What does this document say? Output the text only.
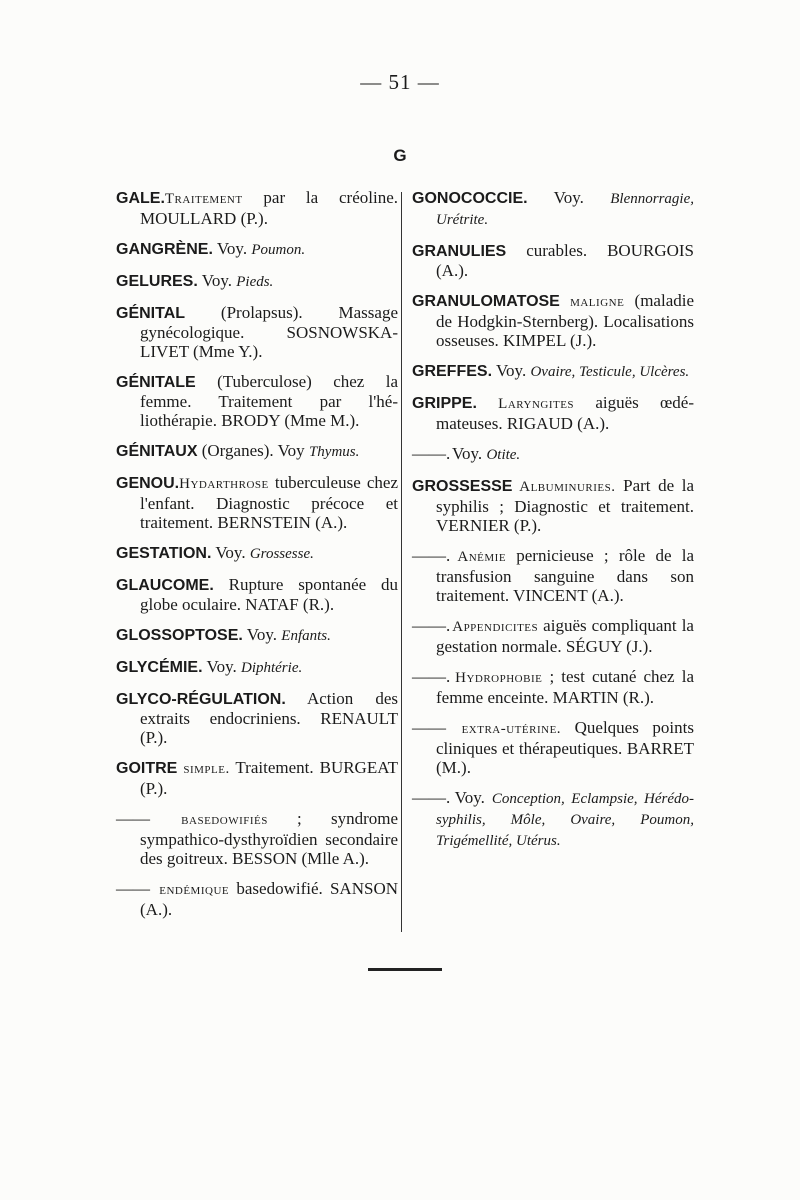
— 51 —
G
GALE.Traitement par la créoline. MOULLARD (P.).
GANGRÈNE. Voy. Poumon.
GELURES. Voy. Pieds.
GÉNITAL (Prolapsus). Massage gynécologique. SOSNOWSKA-LIVET (Mme Y.).
GÉNITALE (Tuberculose) chez la femme. Traitement par l'héliothérapie. BRODY (Mme M.).
GÉNITAUX (Organes). Voy Thymus.
GENOU.Hydarthrose tuberculeuse chez l'enfant. Diagnostic précoce et traitement. BERNSTEIN (A.).
GESTATION. Voy. Grossesse.
GLAUCOME. Rupture spontanée du globe oculaire. NATAF (R.).
GLOSSOPTOSE. Voy. Enfants.
GLYCÉMIE. Voy. Diphtérie.
GLYCO-RÉGULATION. Action des extraits endocriniens. RENAULT (P.).
GOITRE simple. Traitement. BURGEAT (P.).
—— basedowifiés ; syndrome sympathico-dysthyroïdien secondaire des goitreux. BESSON (Mlle A.).
—— endémique basedowifié. SANSON (A.).
GONOCOCCIE. Voy. Blennorragie, Urétrite.
GRANULIES curables. BOURGOIS (A.).
GRANULOMATOSE maligne (maladie de Hodgkin-Sternberg). Localisations osseuses. KIMPEL (J.).
GREFFES. Voy. Ovaire, Testicule, Ulcères.
GRIPPE. Laryngites aiguës œdémateuses. RIGAUD (A.).
——. Voy. Otite.
GROSSESSE Albuminuries. Part de la syphilis ; Diagnostic et traitement. VERNIER (P.).
——. Anémie pernicieuse ; rôle de la transfusion sanguine dans son traitement. VINCENT (A.).
——. Appendicites aiguës compliquant la gestation normale. SÉGUY (J.).
——. Hydrophobie ; test cutané chez la femme enceinte. MARTIN (R.).
—— extra-utérine. Quelques points cliniques et thérapeutiques. BARRET (M.).
——. Voy. Conception, Eclampsie, Hérédo-syphilis, Môle, Ovaire, Poumon, Trigémellité, Utérus.
